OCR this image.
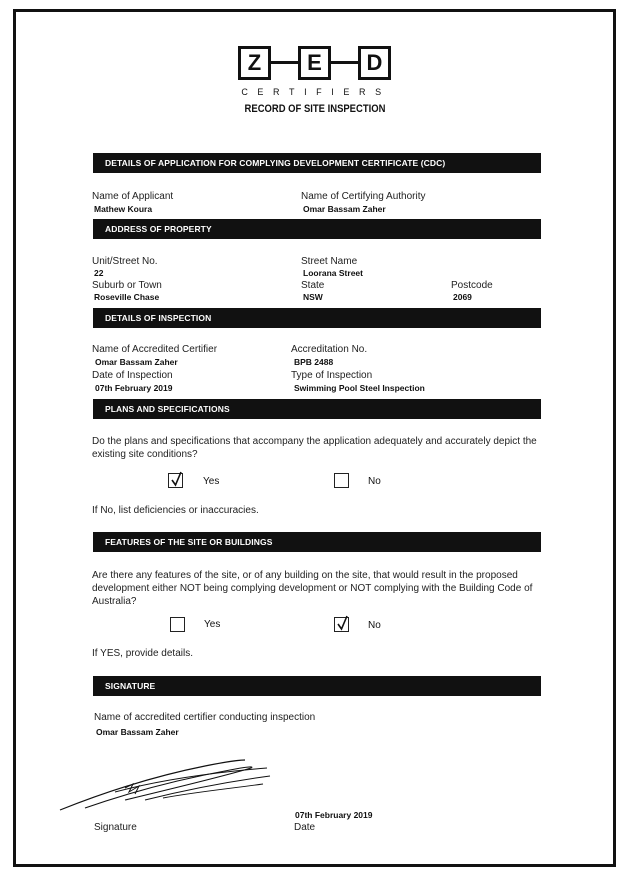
Z	E	D
CERTIFIERS
RECORD OF SITE INSPECTION
DETAILS OF APPLICATION FOR COMPLYING DEVELOPMENT CERTIFICATE (CDC)
Name of Applicant
Mathew Koura
Name of Certifying Authority
Omar Bassam Zaher
ADDRESS OF PROPERTY
Unit/Street No.
22
Street Name
Loorana Street
Suburb or Town
Roseville Chase
State
NSW
Postcode
2069
DETAILS OF INSPECTION
Name of Accredited Certifier
Omar Bassam Zaher
Accreditation No.
BPB 2488
Date of Inspection
07th February 2019
Type of Inspection
Swimming Pool Steel Inspection
PLANS AND SPECIFICATIONS
Do the plans and specifications that accompany the application adequately and accurately depict the existing site conditions?
Yes	No
If No, list deficiencies or inaccuracies.
FEATURES OF THE SITE OR BUILDINGS
Are there any features of the site, or of any building on the site, that would result in the proposed development either NOT being complying development or NOT complying with the Building Code of Australia?
Yes	No
If YES, provide details.
SIGNATURE
Name of accredited certifier conducting inspection
Omar Bassam Zaher
07th February 2019
Signature	Date
